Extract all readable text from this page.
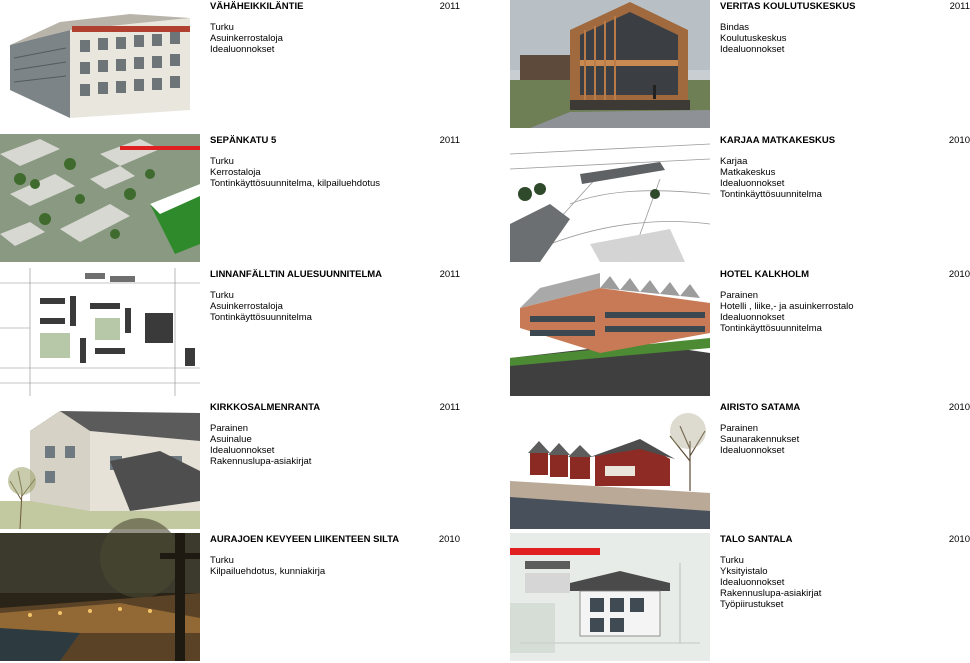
VÄHÄHEIKKILÄNTIE	2011
Turku
Asuinkerrostaloja
Idealuonnokset
VERITAS KOULUTUSKESKUS	2011
Bindas
Koulutuskeskus
Idealuonnokset
SEPÄNKATU 5	2011
Turku
Kerrostaloja
Tontinkäyttösuunnitelma, kilpailuehdotus
KARJAA MATKAKESKUS	2010
Karjaa
Matkakeskus
Idealuonnokset
Tontinkäyttösuunnitelma
LINNANFÄLLTIN ALUESUUNNITELMA	2011
Turku
Asuinkerrostaloja
Tontinkäyttösuunnitelma
HOTEL KALKHOLM	2010
Parainen
Hotelli , liike,- ja asuinkerrostalo
Idealuonnokset
Tontinkäyttösuunnitelma
KIRKKOSALMENRANTA	2011
Parainen
Asuinalue
Idealuonnokset
Rakennuslupa-asiakirjat
AIRISTO SATAMA	2010
Parainen
Saunarakennukset
Idealuonnokset
AURAJOEN KEVYEEN LIIKENTEEN SILTA	2010
Turku
Kilpailuehdotus, kunniakirja
TALO SANTALA	2010
Turku
Yksityistalo
Idealuonnokset
Rakennuslupa-asiakirjat
Työpiirustukset
